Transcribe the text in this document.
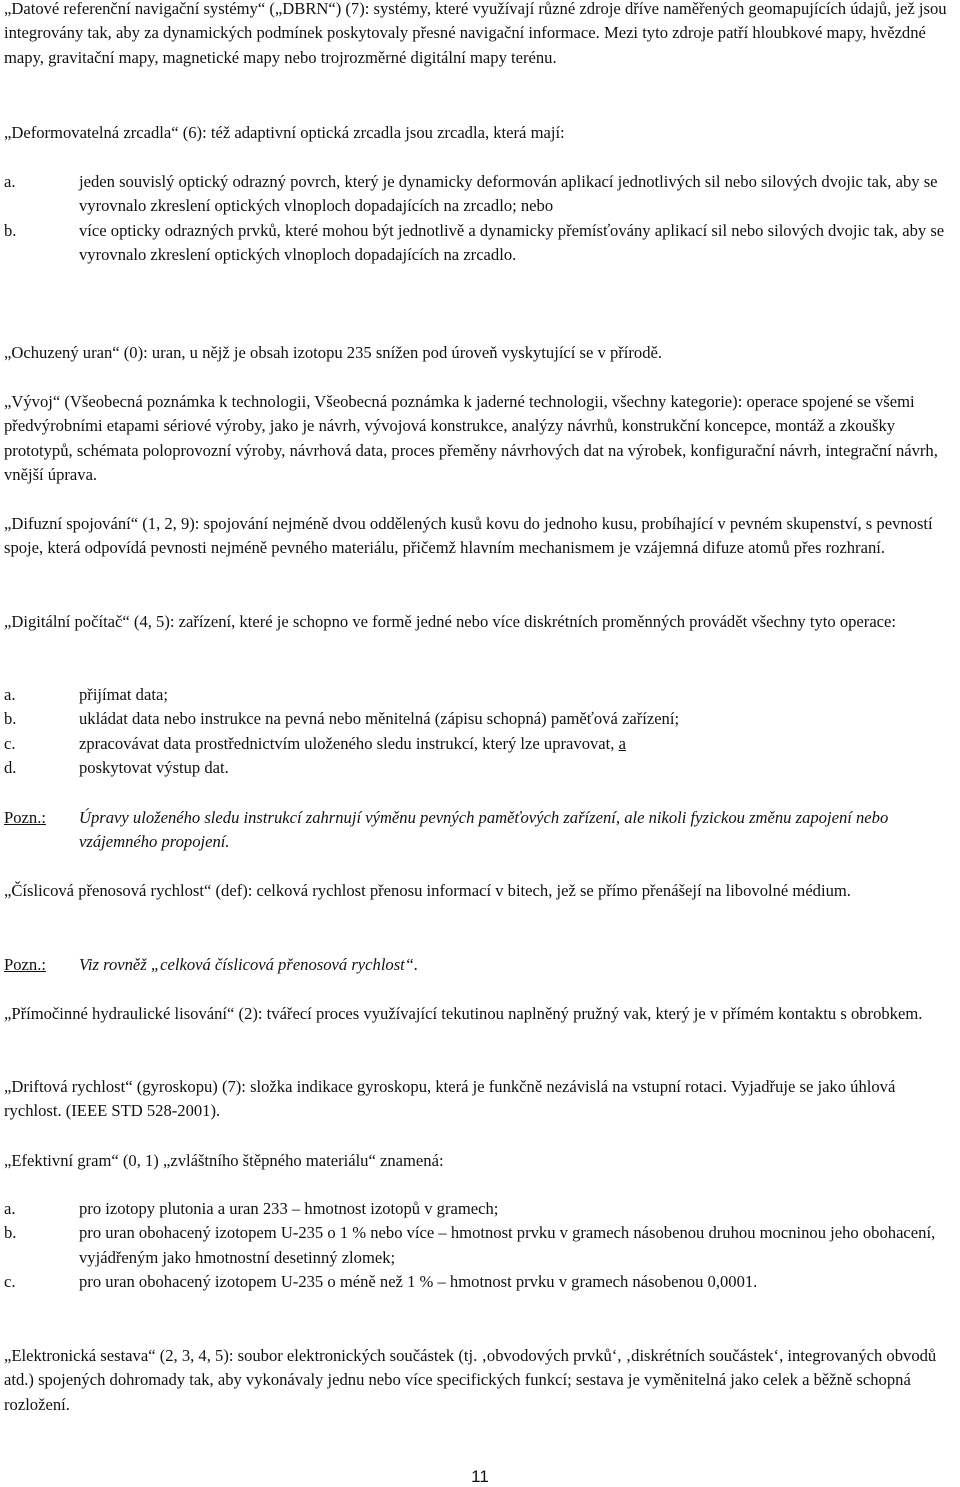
„Datové referenční navigační systémy“ („DBRN“) (7): systémy, které využívají různé zdroje dříve naměřených geomapujících údajů, jež jsou integrovány tak, aby za dynamických podmínek poskytovaly přesné navigační informace. Mezi tyto zdroje patří hloubkové mapy, hvězdné mapy, gravitační mapy, magnetické mapy nebo trojrozměrné digitální mapy terénu.

„Deformovatelná zrcadla“ (6): též adaptivní optická zrcadla jsou zrcadla, která mají:

a.	jeden souvislý optický odrazný povrch, který je dynamicky deformován aplikací jednotlivých sil nebo silových dvojic tak, aby se vyrovnalo zkreslení optických vlnoploch dopadajících na zrcadlo; nebo
b.	více opticky odrazných prvků, které mohou být jednotlivě a dynamicky přemísťovány aplikací sil nebo silových dvojic tak, aby se vyrovnalo zkreslení optických vlnoploch dopadajících na zrcadlo.

„Ochuzený uran“ (0): uran, u nějž je obsah izotopu 235 snížen pod úroveň vyskytující se v přírodě.

„Vývoj“ (Všeobecná poznámka k technologii, Všeobecná poznámka k jaderné technologii, všechny kategorie): operace spojené se všemi předvýrobními etapami sériové výroby, jako je návrh, vývojová konstrukce, analýzy návrhů, konstrukční koncepce, montáž a zkoušky prototypů, schémata poloprovozní výroby, návrhová data, proces přeměny návrhových dat na výrobek, konfigurační návrh, integrační návrh, vnější úprava.

„Difuzní spojování“ (1, 2, 9): spojování nejméně dvou oddělených kusů kovu do jednoho kusu, probíhající v pevném skupenství, s pevností spoje, která odpovídá pevnosti nejméně pevného materiálu, přičemž hlavním mechanismem je vzájemná difuze atomů přes rozhraní.

„Digitální počítač“ (4, 5): zařízení, které je schopno ve formě jedné nebo více diskrétních proměnných provádět všechny tyto operace:

a.	přijímat data;
b.	ukládat data nebo instrukce na pevná nebo měnitelná (zápisu schopná) paměťová zařízení;
c.	zpracovávat data prostřednictvím uloženého sledu instrukcí, který lze upravovat, a
d.	poskytovat výstup dat.
Pozn.:	Úpravy uloženého sledu instrukcí zahrnují výměnu pevných paměťových zařízení, ale nikoli fyzickou změnu zapojení nebo vzájemného propojení.

„Číslicová přenosová rychlost“ (def): celková rychlost přenosu informací v bitech, jež se přímo přenášejí na libovolné médium.

Pozn.:	Viz rovněž „celková číslicová přenosová rychlost“.

„Přímočinné hydraulické lisování“ (2): tvářecí proces využívající tekutinou naplněný pružný vak, který je v přímém kontaktu s obrobkem.

„Driftová rychlost“ (gyroskopu) (7): složka indikace gyroskopu, která je funkčně nezávislá na vstupní rotaci. Vyjadřuje se jako úhlová rychlost. (IEEE STD 528-2001).

„Efektivní gram“ (0, 1) „zvláštního štěpného materiálu“ znamená:

a.	pro izotopy plutonia a uran 233 – hmotnost izotopů v gramech;
b.	pro uran obohacený izotopem U-235 o 1 % nebo více – hmotnost prvku v gramech násobenou druhou mocninou jeho obohacení, vyjádřeným jako hmotnostní desetinný zlomek;
c.	pro uran obohacený izotopem U-235 o méně než 1 % – hmotnost prvku v gramech násobenou 0,0001.

„Elektronická sestava“ (2, 3, 4, 5): soubor elektronických součástek (tj. ‚obvodových prvků‘, ‚diskrétních součástek‘, integrovaných obvodů atd.) spojených dohromady tak, aby vykonávaly jednu nebo více specifických funkcí; sestava je vyměnitelná jako celek a běžně schopná rozložení.

11
